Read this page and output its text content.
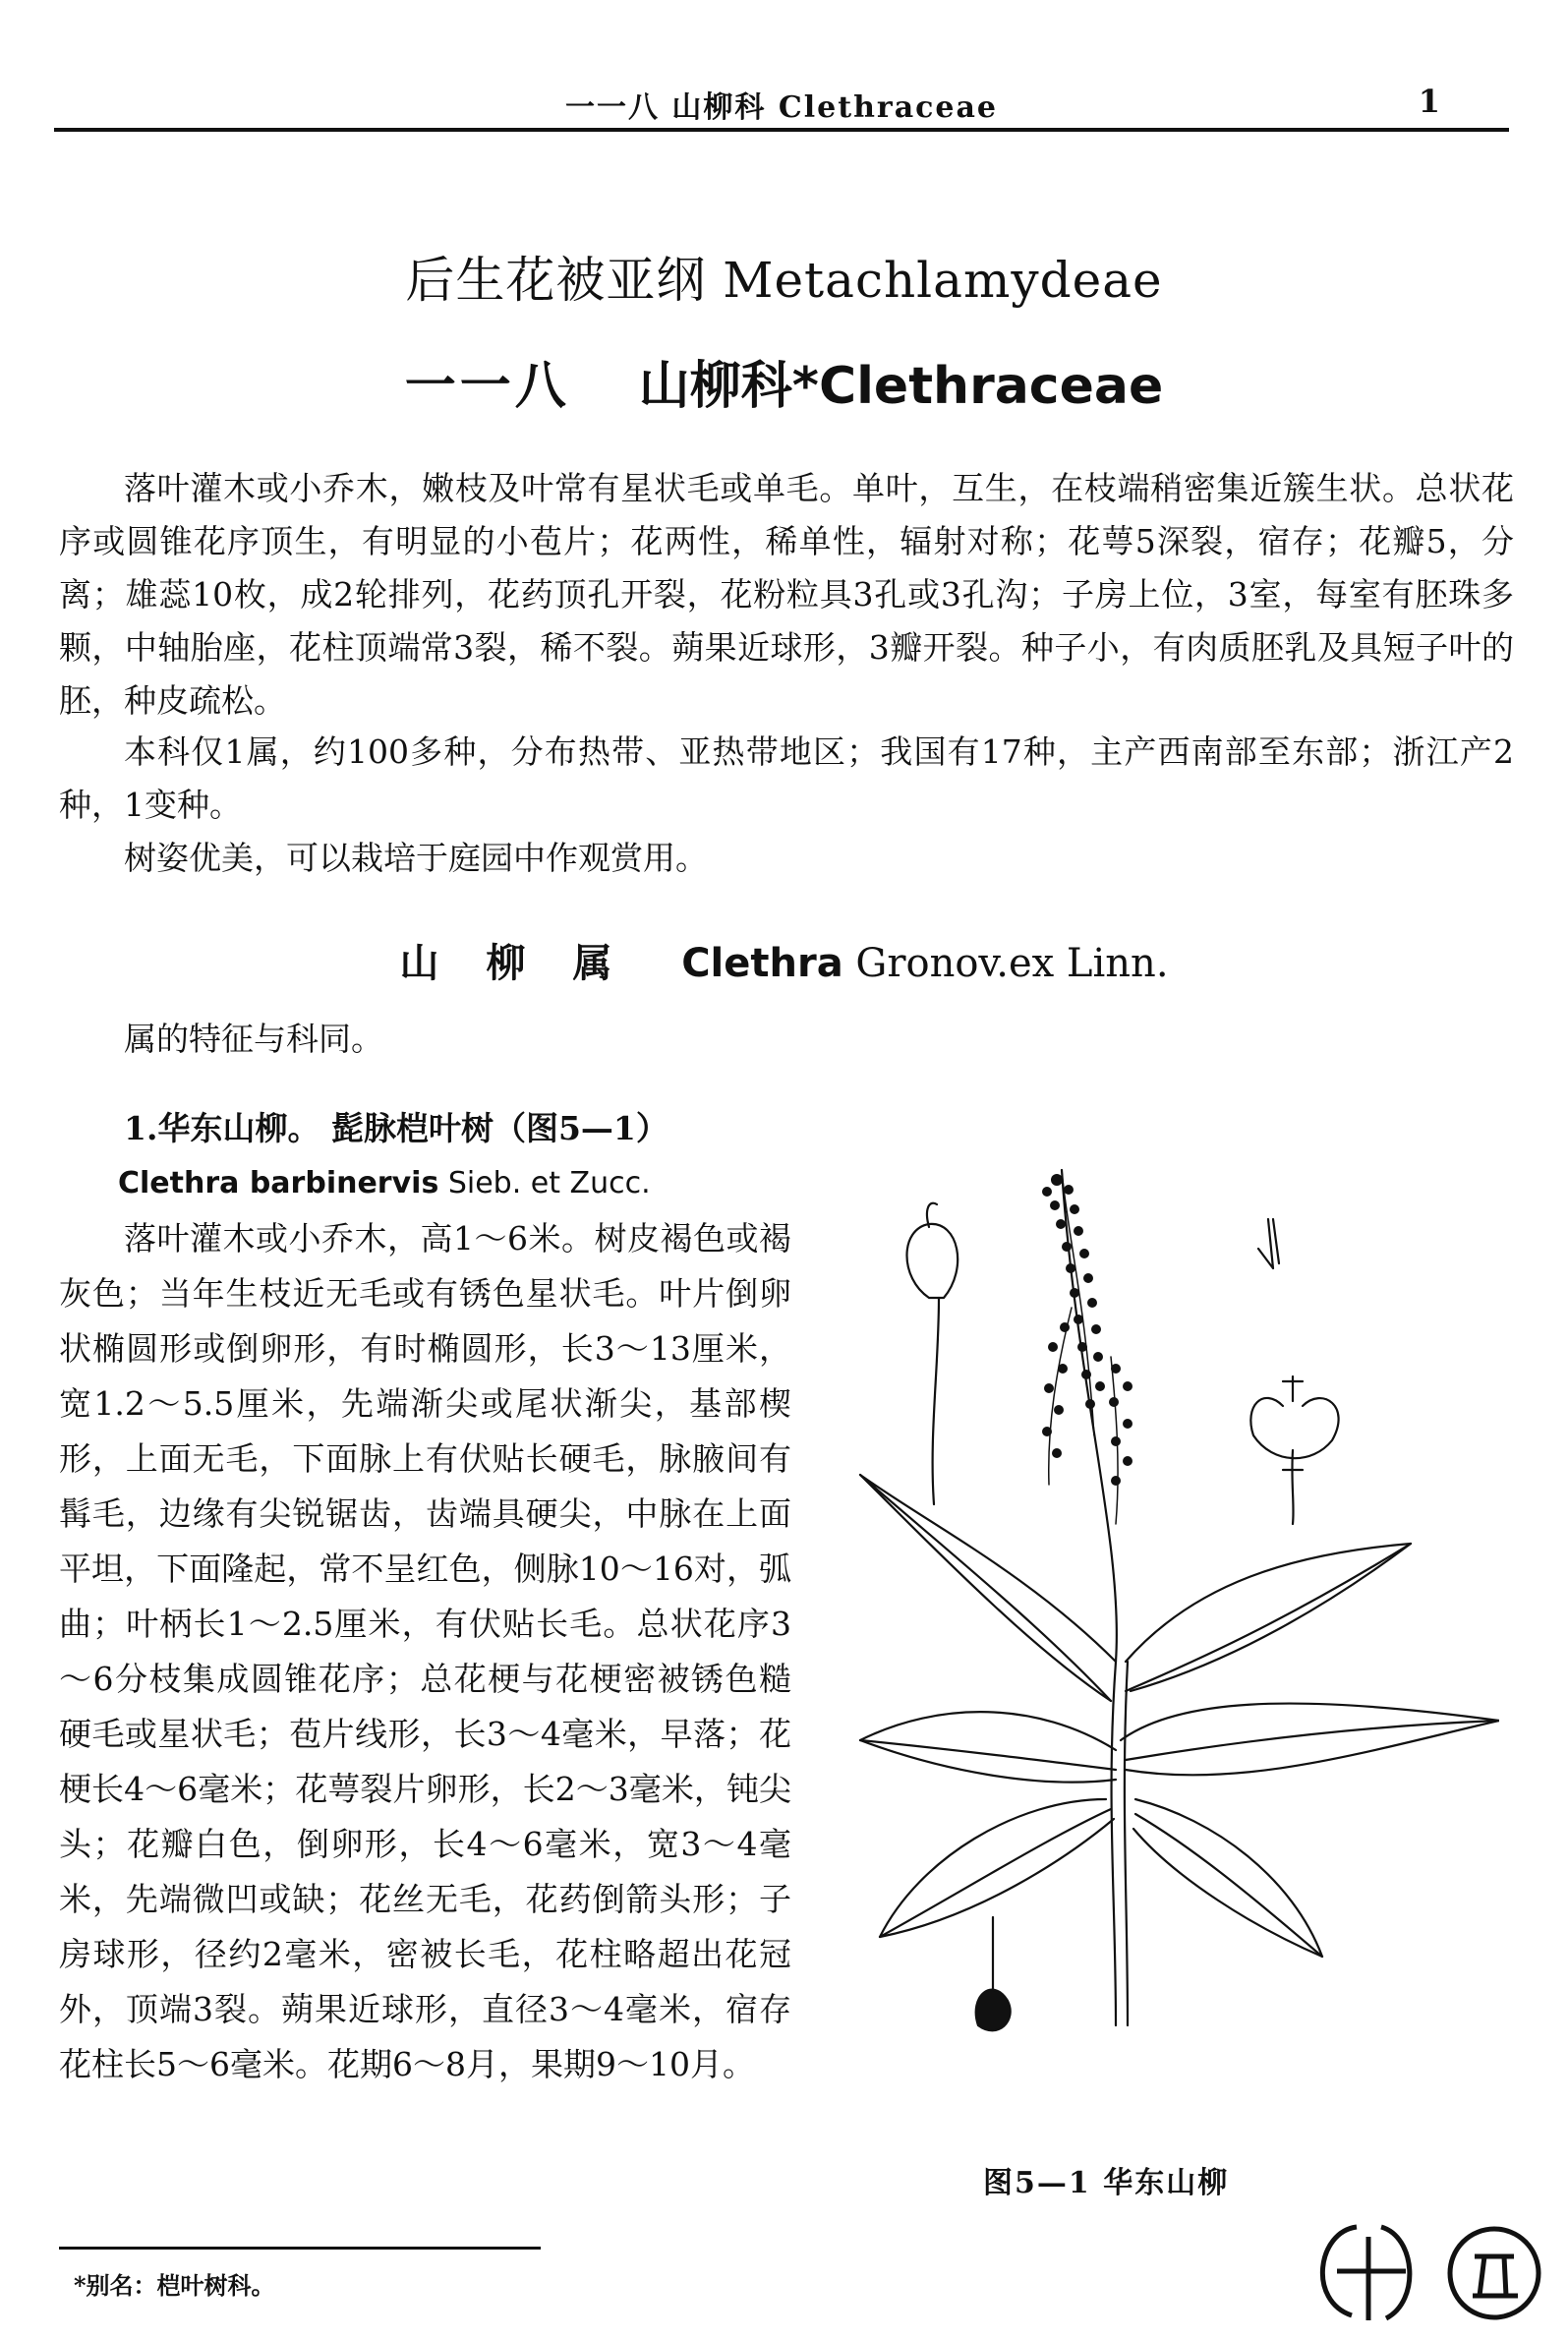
一一八 山柳科 Clethraceae	1
后生花被亚纲 Metachlamydeae
一一八 山柳科*Clethraceae
落叶灌木或小乔木，嫩枝及叶常有星状毛或单毛。单叶，互生，在枝端稍密集近簇生状。总状花序或圆锥花序顶生，有明显的小苞片；花两性，稀单性，辐射对称；花萼5深裂，宿存；花瓣5，分离；雄蕊10枚，成2轮排列，花药顶孔开裂，花粉粒具3孔或3孔沟；子房上位，3室，每室有胚珠多颗，中轴胎座，花柱顶端常3裂，稀不裂。蒴果近球形，3瓣开裂。种子小，有肉质胚乳及具短子叶的胚，种皮疏松。
本科仅1属，约100多种，分布热带、亚热带地区；我国有17种，主产西南部至东部；浙江产2种，1变种。
树姿优美，可以栽培于庭园中作观赏用。
山柳属 Clethra Gronov.ex Linn.
属的特征与科同。
1.华东山柳。 髭脉桤叶树（图5—1）
Clethra barbinervis Sieb. et Zucc.
落叶灌木或小乔木，高1～6米。树皮褐色或褐灰色；当年生枝近无毛或有锈色星状毛。叶片倒卵状椭圆形或倒卵形，有时椭圆形，长3～13厘米，宽1.2～5.5厘米，先端渐尖或尾状渐尖，基部楔形，上面无毛，下面脉上有伏贴长硬毛，脉腋间有髯毛，边缘有尖锐锯齿，齿端具硬尖，中脉在上面平坦，下面隆起，常不呈红色，侧脉10～16对，弧曲；叶柄长1～2.5厘米，有伏贴长毛。总状花序3～6分枝集成圆锥花序；总花梗与花梗密被锈色糙硬毛或星状毛；苞片线形，长3～4毫米，早落；花梗长4～6毫米；花萼裂片卵形，长2～3毫米，钝尖头；花瓣白色，倒卵形，长4～6毫米，宽3～4毫米，先端微凹或缺；花丝无毛，花药倒箭头形；子房球形，径约2毫米，密被长毛，花柱略超出花冠外，顶端3裂。蒴果近球形，直径3～4毫米，宿存花柱长5～6毫米。花期6～8月，果期9～10月。
图5—1 华东山柳
*别名：桤叶树科。
